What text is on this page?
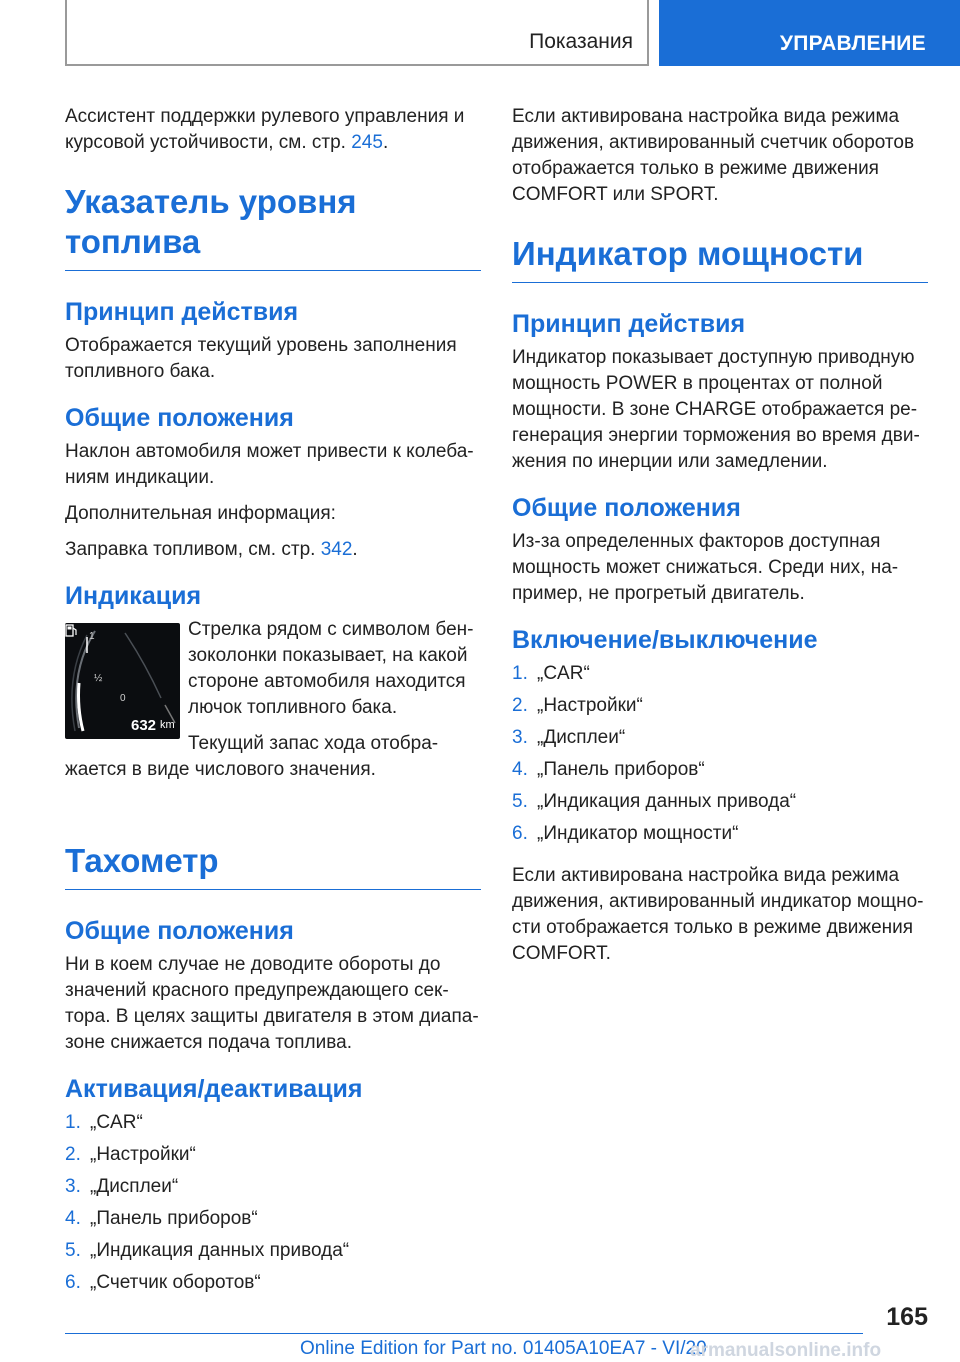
Показания	УПРАВЛЕНИЕ

Ассистент поддержки рулевого управления и курсовой устойчивости, см. стр. 245.

Указатель уровня топлива
Принцип действия

Отображается текущий уровень заполнения топливного бака.

Общие положения

Наклон автомобиля может привести к колеба-ниям индикации.

Дополнительная информация:

Заправка топливом, см. стр. 342.

Индикация
1
½
0
632 km

Стрелка рядом с символом бен-зоколонки показывает, на какой стороне автомобиля находится лючок топливного бака.

Текущий запас хода отобра-жается в виде числового значения.

Тахометр
Общие положения

Ни в коем случае не доводите обороты до значений красного предупреждающего сек-тора. В целях защиты двигателя в этом диапа-зоне снижается подача топлива.

Активация/деактивация
1. „CAR“
2. „Настройки“
3. „Дисплеи“
4. „Панель приборов“
5. „Индикация данных привода“
6. „Счетчик оборотов“

Если активирована настройка вида режима движения, активированный счетчик оборотов отображается только в режиме движения COMFORT или SPORT.

Индикатор мощности
Принцип действия

Индикатор показывает доступную приводную мощность POWER в процентах от полной мощности. В зоне CHARGE отображается ре-генерация энергии торможения во время дви-жения по инерции или замедлении.

Общие положения

Из-за определенных факторов доступная мощность может снижаться. Среди них, на-пример, не прогретый двигатель.

Включение/выключение
1. „CAR“
2. „Настройки“
3. „Дисплеи“
4. „Панель приборов“
5. „Индикация данных привода“
6. „Индикатор мощности“

Если активирована настройка вида режима движения, активированный индикатор мощно-сти отображается только в режиме движения COMFORT.

165
Online Edition for Part no. 01405A10EA7 - VI/20
armanualsonline.info
